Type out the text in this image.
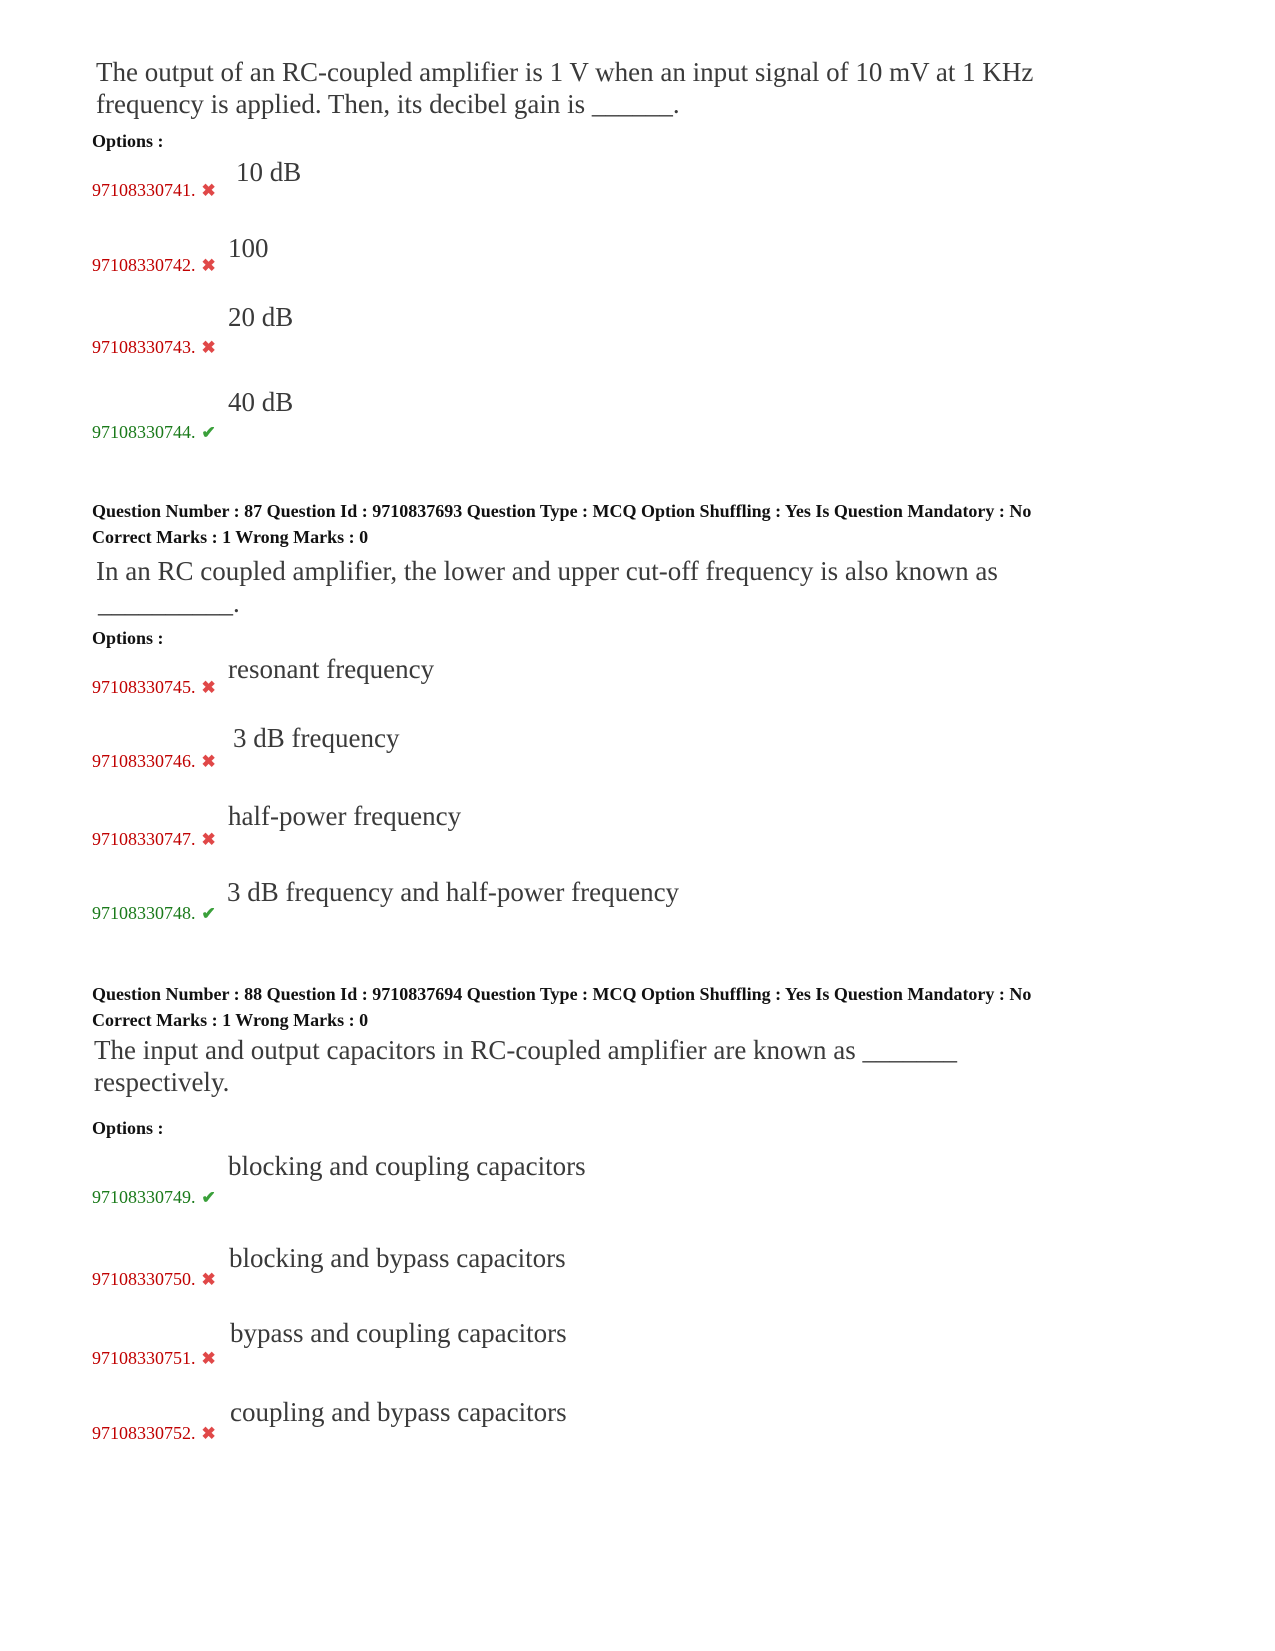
The output of an RC-coupled amplifier is 1 V when an input signal of 10 mV at 1 KHz
frequency is applied. Then, its decibel gain is ______.
Options :
10 dB
97108330741. ✖
100
97108330742. ✖
20 dB
97108330743. ✖
40 dB
97108330744. ✔
Question Number : 87 Question Id : 9710837693 Question Type : MCQ Option Shuffling : Yes Is Question Mandatory : No
Correct Marks : 1 Wrong Marks : 0
In an RC coupled amplifier, the lower and upper cut-off frequency is also known as
__________.
Options :
resonant frequency
97108330745. ✖
3 dB frequency
97108330746. ✖
half-power frequency
97108330747. ✖
3 dB frequency and half-power frequency
97108330748. ✔
Question Number : 88 Question Id : 9710837694 Question Type : MCQ Option Shuffling : Yes Is Question Mandatory : No
Correct Marks : 1 Wrong Marks : 0
The input and output capacitors in RC-coupled amplifier are known as _______
respectively.
Options :
blocking and coupling capacitors
97108330749. ✔
blocking and bypass capacitors
97108330750. ✖
bypass and coupling capacitors
97108330751. ✖
coupling and bypass capacitors
97108330752. ✖
